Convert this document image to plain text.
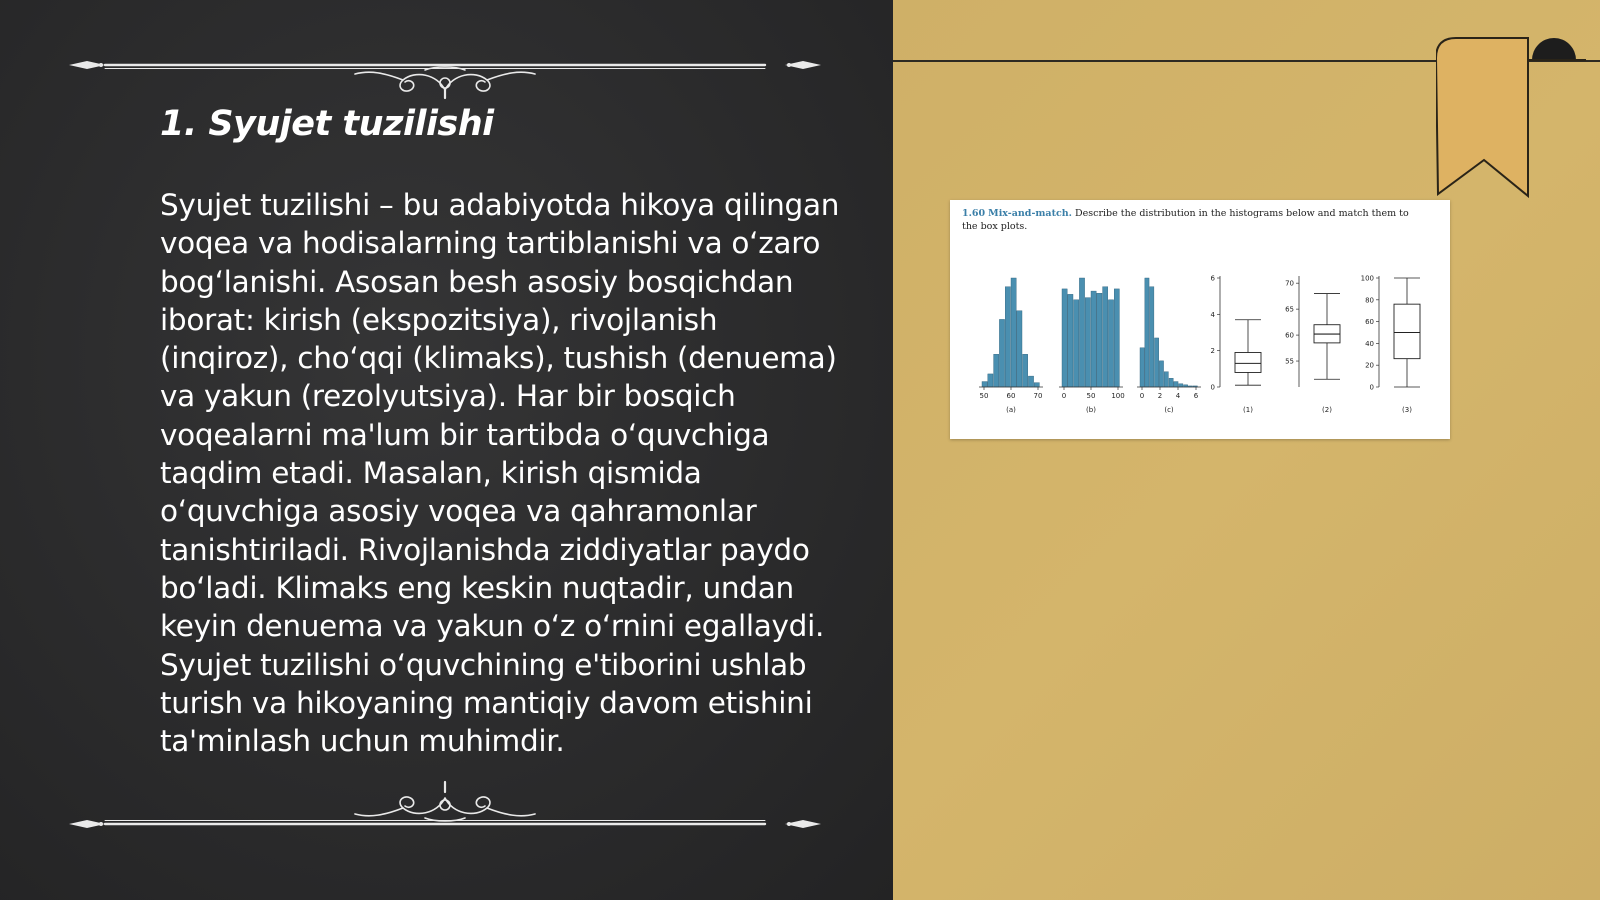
1. Syujet tuzilishi

Syujet tuzilishi – bu adabiyotda hikoya qilingan voqea va hodisalarning tartiblanishi va o‘zaro bog‘lanishi. Asosan besh asosiy bosqichdan iborat: kirish (ekspozitsiya), rivojlanish (inqiroz), cho‘qqi (klimaks), tushish (denuema) va yakun (rezolyutsiya). Har bir bosqich voqealarni ma'lum bir tartibda o‘quvchiga taqdim etadi. Masalan, kirish qismida o‘quvchiga asosiy voqea va qahramonlar tanishtiriladi. Rivojlanishda ziddiyatlar paydo bo‘ladi. Klimaks eng keskin nuqtadir, undan keyin denuema va yakun o‘z o‘rnini egallaydi. Syujet tuzilishi o‘quvchining e'tiborini ushlab turish va hikoyaning mantiqiy davom etishini ta'minlash uchun muhimdir.

1.60 Mix-and-match. Describe the distribution in the histograms below and match them to
the box plots.
50	60	70
(a)
0	50 100
(b)
0 2 4 6
(c)
0
2
4
6
(1)
55
60
65
70
(2)
0
20
40
60
80
100
(3)
